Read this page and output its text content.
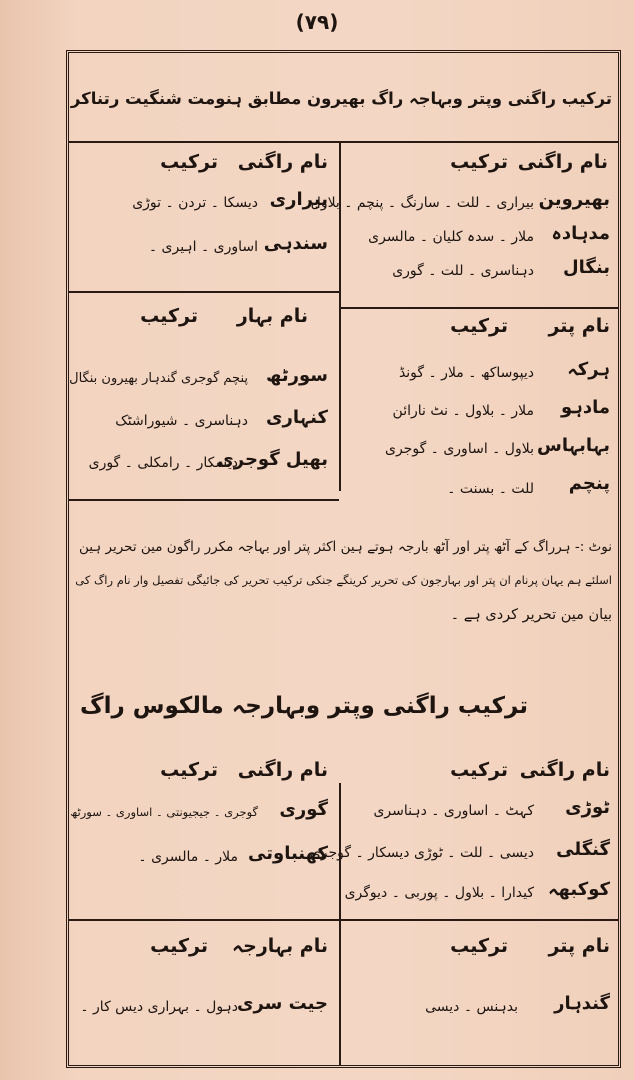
(۷۹)
ترکیب راگنی وپتر وبہاجہ راگ بھیرون مطابق ہنومت شنگیت رتناکر
نام راگنی
ترکیب
نام راگنی
ترکیب
بھیروین
بیراری ۔ للت ۔ سارنگ ۔ پنچم ۔ بلاول
مدہادہ
ملار ۔ سدہ کلیان ۔ مالسری
بنگال
دہناسری ۔ للت ۔ گوری
بیراری
دیسکا ۔ تردن ۔ توڑی
سندہی
اساوری ۔ اہیری ۔
نام پتر
ترکیب
نام بہار
ترکیب
ہرکہ
دیپوساکھ ۔ ملار ۔ گونڈ
مادہو
ملار ۔ بلاول ۔ نٹ نارائن
بہابہاس
بلاول ۔ اساوری ۔ گوجری
پنچم
للت ۔ بسنت ۔
سورٹھ
پنچم گوجری گندہار بھیرون بنگال
کنہاری
دہناسری ۔ شیوراشٹک
بھیل گوجری
دیسکار ۔ رامکلی ۔ گوری
نوٹ :- ہرراگ کے آٹھ پتر اور آٹھ بارجہ ہوتے ہین اکثر پتر اور بہاجہ مکرر راگون مین تحریر ہین
اسلئے ہم یہان پرنام ان پتر اور بہارجون کی تحریر کرینگے جنکی ترکیب تحریر کی جائیگی تفصیل وار نام راگ کی
بیان مین تحریر کردی ہے ۔
ترکیب راگنی وپتر وبہارجہ مالکوس راگ
نام راگنی
ترکیب
نام راگنی
ترکیب
ٹوڑی
کہٹ ۔ اساوری ۔ دہناسری
گنگلی
دیسی ۔ للت ۔ ٹوڑی دیسکار ۔ گوجری
کوکبھہ
کیدارا ۔ بلاول ۔ پوربی ۔ دیوگری
گوری
گوجری ۔ جیجیونتی ۔ اساوری ۔ سورٹھ
کھنباوتی
ملار ۔ مالسری ۔
نام پتر
ترکیب
نام بہارجہ
ترکیب
گندہار
بدہنس ۔ دیسی
جیت سری
دہول ۔ بہراری دیس کار ۔
